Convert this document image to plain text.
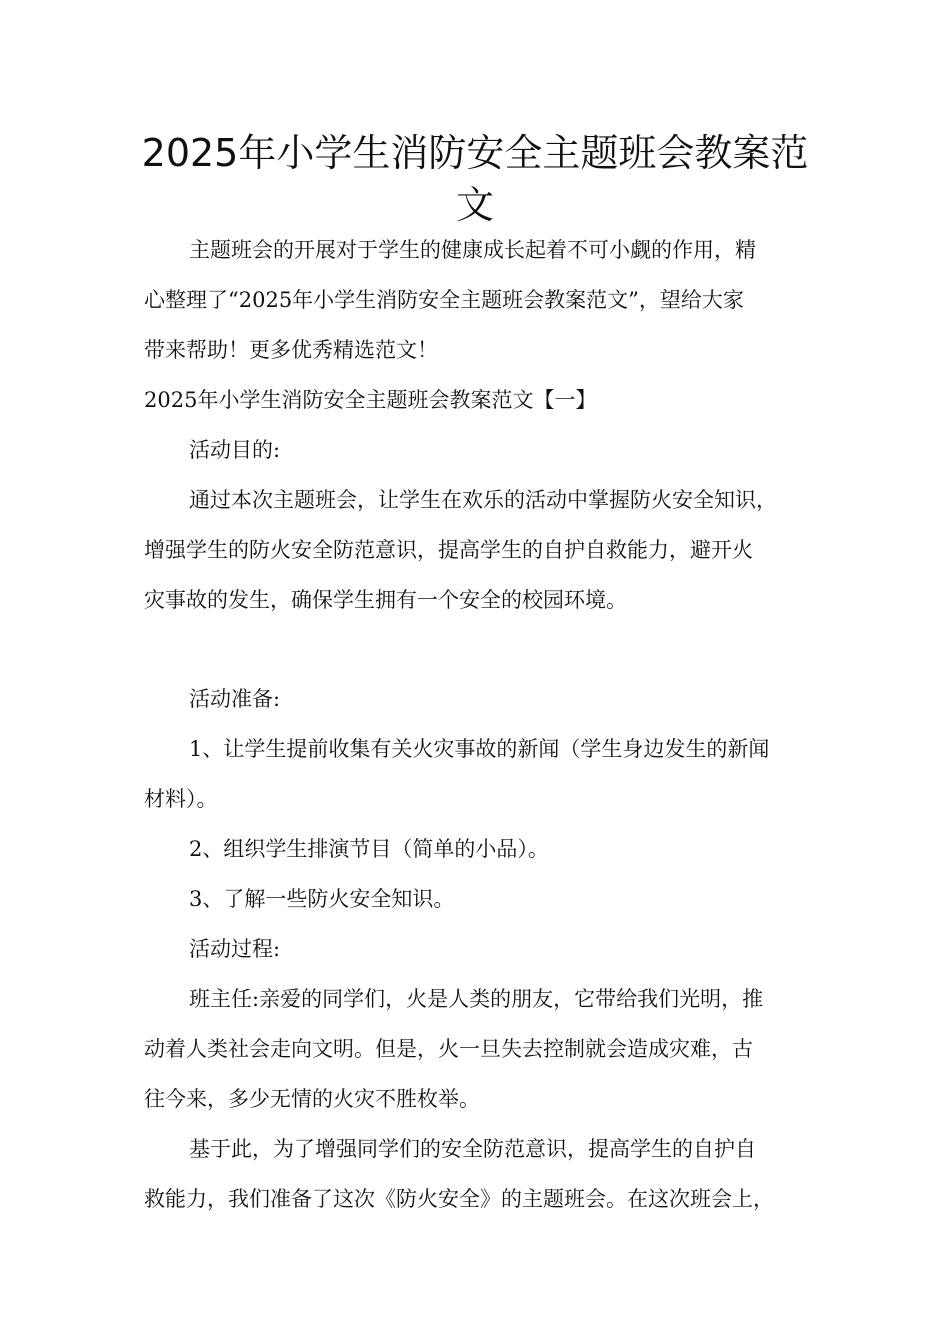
2025年小学生消防安全主题班会教案范
文
主题班会的开展对于学生的健康成长起着不可小觑的作用，精
心整理了“2025年小学生消防安全主题班会教案范文”，望给大家
带来帮助！更多优秀精选范文！
2025年小学生消防安全主题班会教案范文【一】
活动目的:
通过本次主题班会，让学生在欢乐的活动中掌握防火安全知识，
增强学生的防火安全防范意识，提高学生的自护自救能力，避开火
灾事故的发生，确保学生拥有一个安全的校园环境。
活动准备:
1、让学生提前收集有关火灾事故的新闻（学生身边发生的新闻
材料）。
2、组织学生排演节目（简单的小品）。
3、了解一些防火安全知识。
活动过程:
班主任:亲爱的同学们，火是人类的朋友，它带给我们光明，推
动着人类社会走向文明。但是，火一旦失去控制就会造成灾难，古
往今来，多少无情的火灾不胜枚举。
基于此，为了增强同学们的安全防范意识，提高学生的自护自
救能力，我们准备了这次《防火安全》的主题班会。在这次班会上，
